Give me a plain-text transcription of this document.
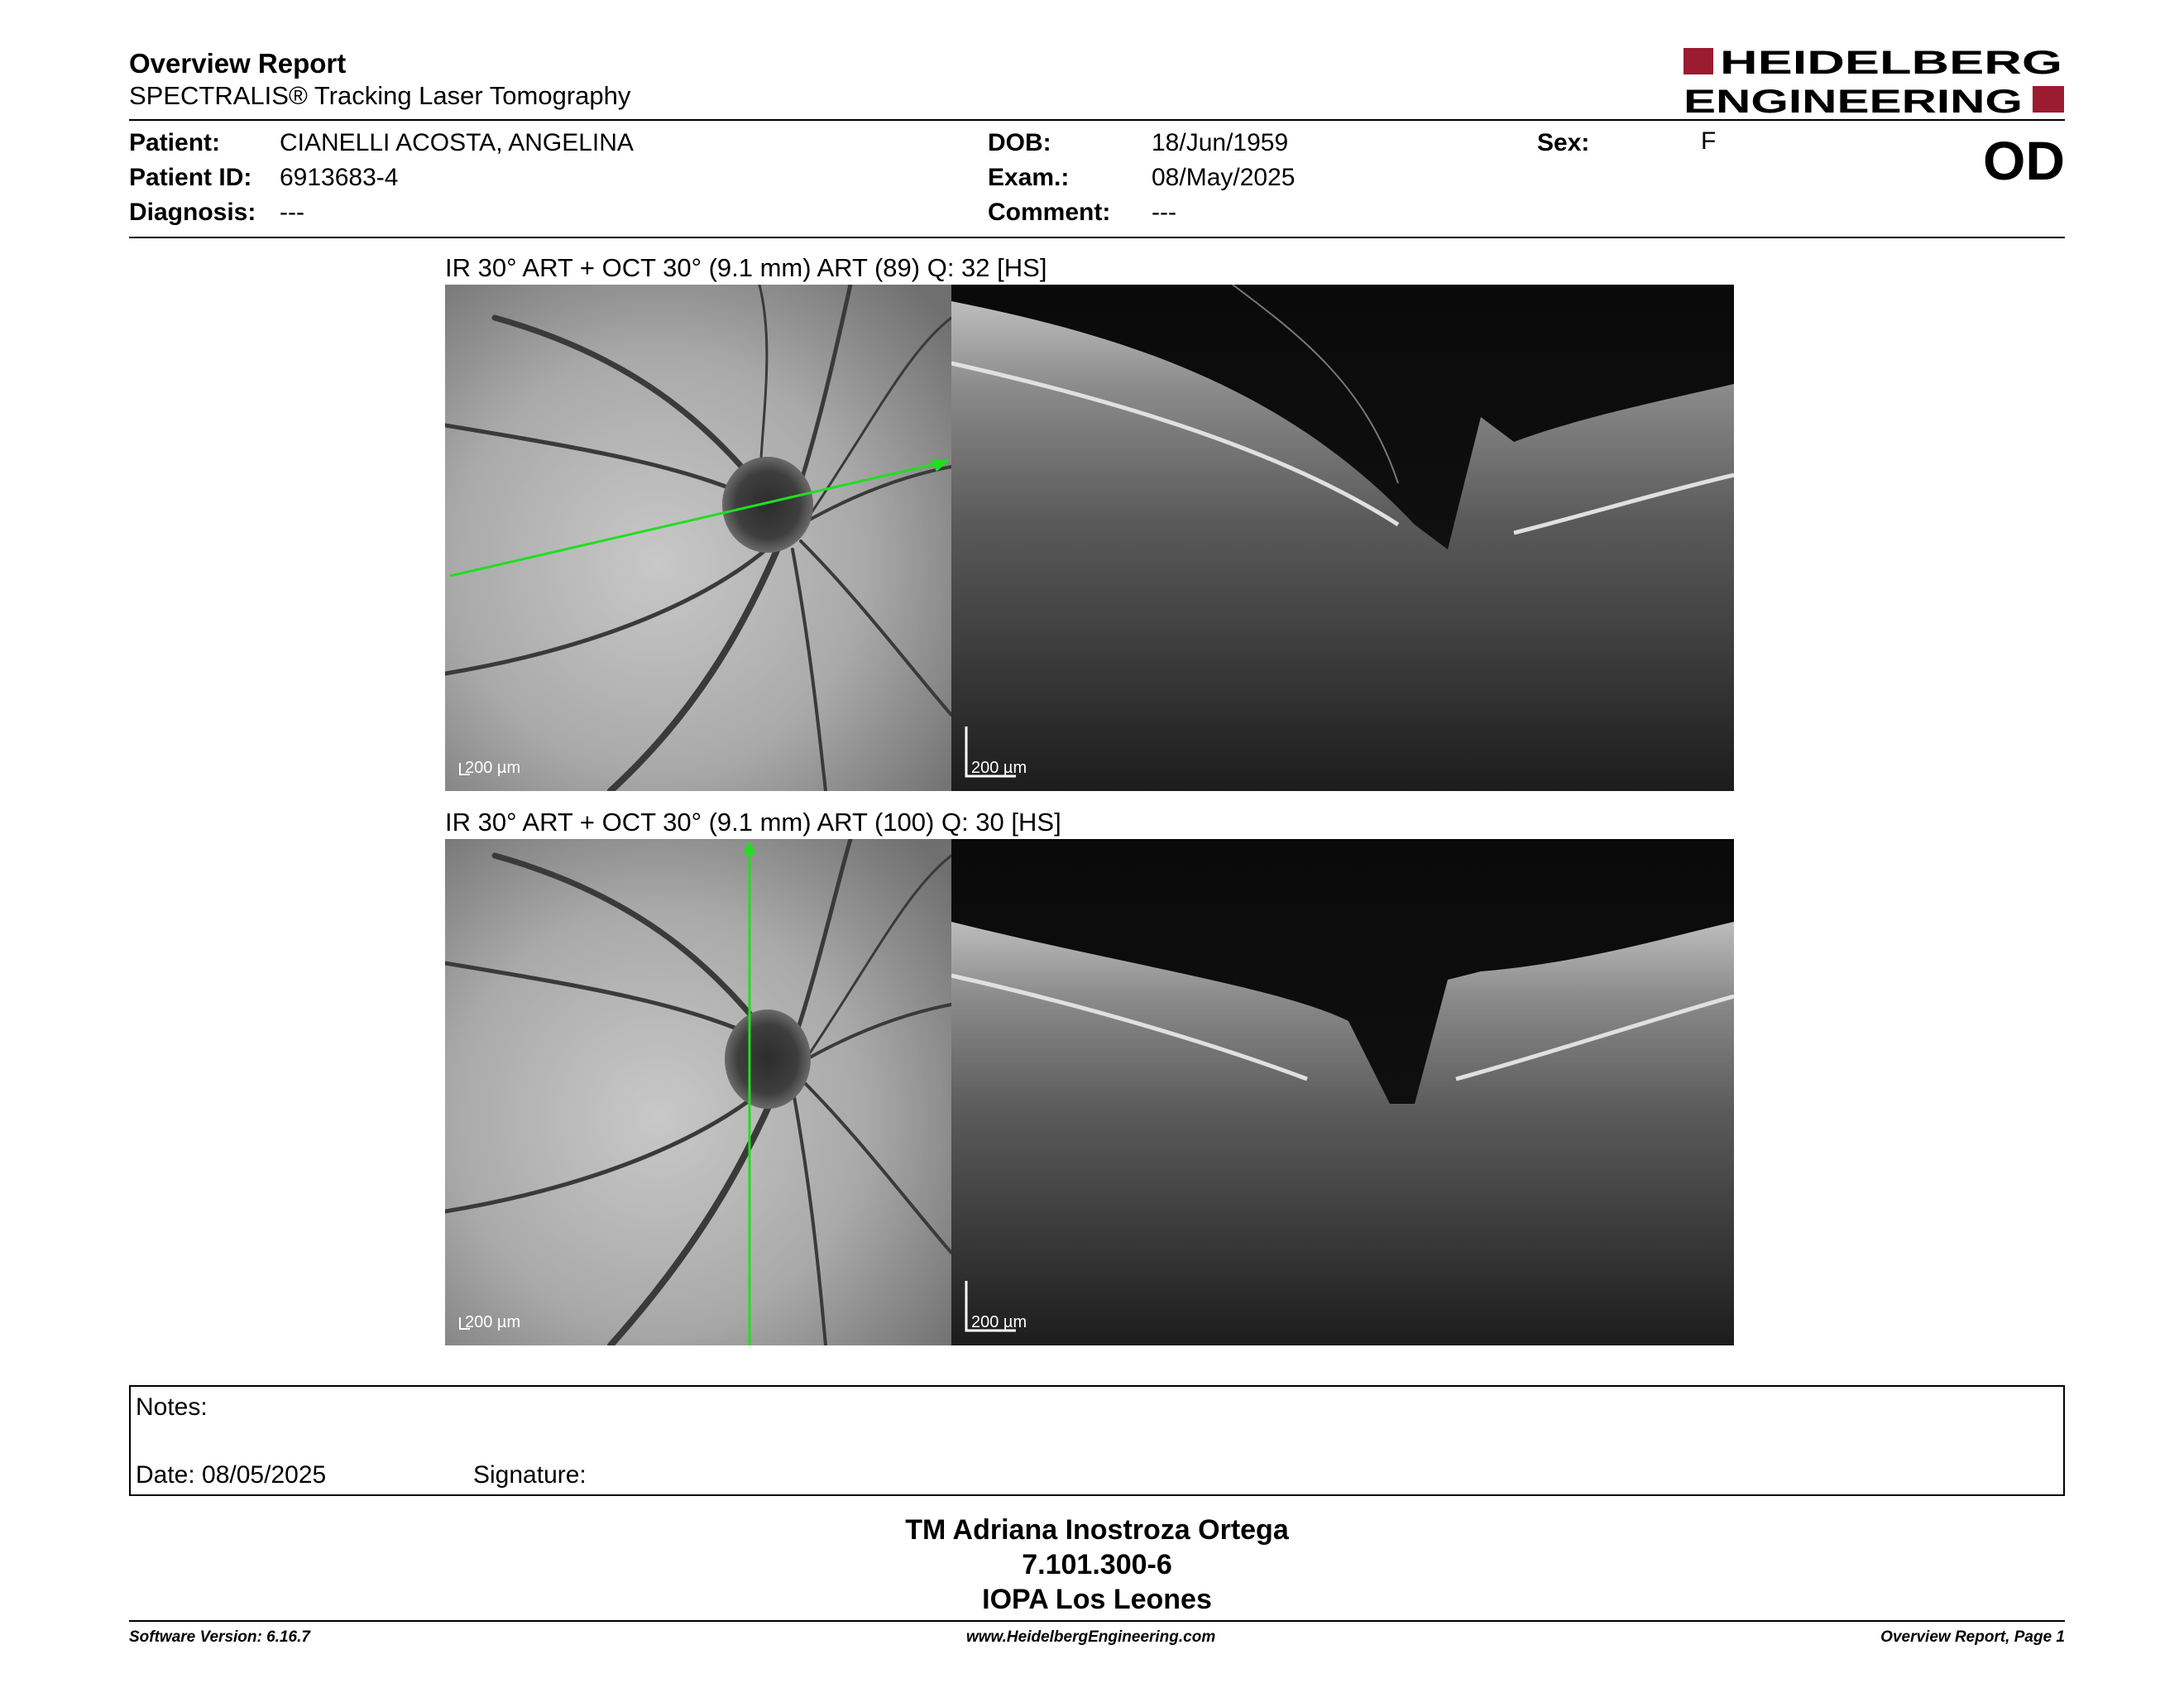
Overview Report
SPECTRALIS® Tracking Laser Tomography
HEIDELBERG
ENGINEERING
Patient: CIANELLI ACOSTA, ANGELINA
Patient ID: 6913683-4
Diagnosis: ---
DOB:	18/Jun/1959
Exam.:	08/May/2025
Comment: ---
Sex:	F	OD
IR 30° ART + OCT 30° (9.1 mm) ART (89) Q: 32 [HS]
200 µm	200 µm
IR 30° ART + OCT 30° (9.1 mm) ART (100) Q: 30 [HS]
200 µm	200 µm
Notes:
Date: 08/05/2025	Signature:
TM Adriana Inostroza Ortega
7.101.300-6
IOPA Los Leones
Software Version: 6.16.7	www.HeidelbergEngineering.com	Overview Report, Page 1
